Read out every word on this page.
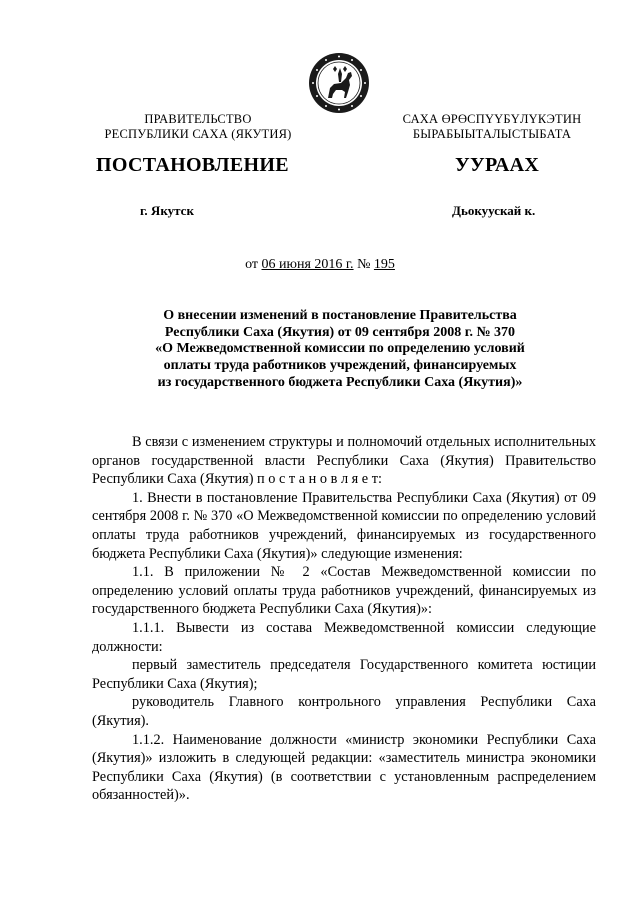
ПРАВИТЕЛЬСТВО
РЕСПУБЛИКИ САХА (ЯКУТИЯ)
САХА ӨРӨСПҮҮБҮЛҮКЭТИН
БЫРАБЫЫТАЛЫСТЫБАТА
ПОСТАНОВЛЕНИЕ	УУРААХ
г. Якутск	Дьокуускай к.
от 06 июня 2016 г. № 195
О внесении изменений в постановление Правительства
Республики Саха (Якутия) от 09 сентября 2008 г. № 370
«О Межведомственной комиссии по определению условий
оплаты труда работников учреждений, финансируемых
из государственного бюджета Республики Саха (Якутия)»

В связи с изменением структуры и полномочий отдельных исполнительных органов государственной власти Республики Саха (Якутия) Правительство Республики Саха (Якутия) п о с т а н о в л я е т:

1. Внести в постановление Правительства Республики Саха (Якутия) от 09 сентября 2008 г. № 370 «О Межведомственной комиссии по определению условий оплаты труда работников учреждений, финансируемых из государственного бюджета Республики Саха (Якутия)» следующие изменения:

1.1. В приложении № 2 «Состав Межведомственной комиссии по определению условий оплаты труда работников учреждений, финансируемых из государственного бюджета Республики Саха (Якутия)»:

1.1.1. Вывести из состава Межведомственной комиссии следующие должности:

первый заместитель председателя Государственного комитета юстиции Республики Саха (Якутия);

руководитель Главного контрольного управления Республики Саха (Якутия).

1.1.2. Наименование должности «министр экономики Республики Саха (Якутия)» изложить в следующей редакции: «заместитель министра экономики Республики Саха (Якутия) (в соответствии с установленным распределением обязанностей)».
